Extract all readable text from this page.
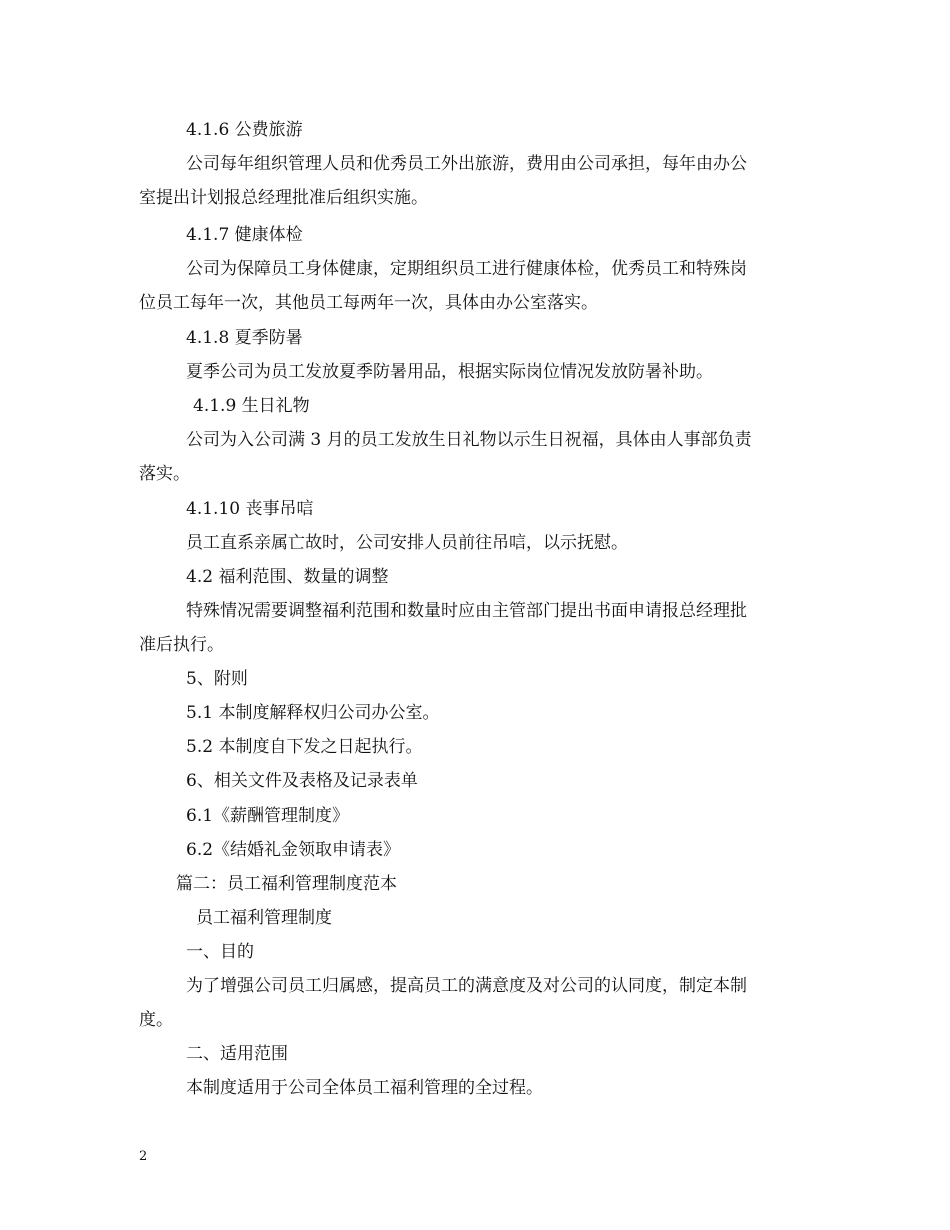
4.1.6 公费旅游
公司每年组织管理人员和优秀员工外出旅游，费用由公司承担，每年由办公
室提出计划报总经理批准后组织实施。
4.1.7 健康体检
公司为保障员工身体健康，定期组织员工进行健康体检，优秀员工和特殊岗
位员工每年一次，其他员工每两年一次，具体由办公室落实。
4.1.8 夏季防暑
夏季公司为员工发放夏季防暑用品，根据实际岗位情况发放防暑补助。
4.1.9 生日礼物
公司为入公司满 3 月的员工发放生日礼物以示生日祝福，具体由人事部负责
落实。
4.1.10 丧事吊唁
员工直系亲属亡故时，公司安排人员前往吊唁，以示抚慰。
4.2 福利范围、数量的调整
特殊情况需要调整福利范围和数量时应由主管部门提出书面申请报总经理批
准后执行。
5、附则
5.1 本制度解释权归公司办公室。
5.2 本制度自下发之日起执行。
6、相关文件及表格及记录表单
6.1《薪酬管理制度》
6.2《结婚礼金领取申请表》
篇二：员工福利管理制度范本
员工福利管理制度
一、目的
为了增强公司员工归属感，提高员工的满意度及对公司的认同度，制定本制
度。
二、适用范围
本制度适用于公司全体员工福利管理的全过程。
2
